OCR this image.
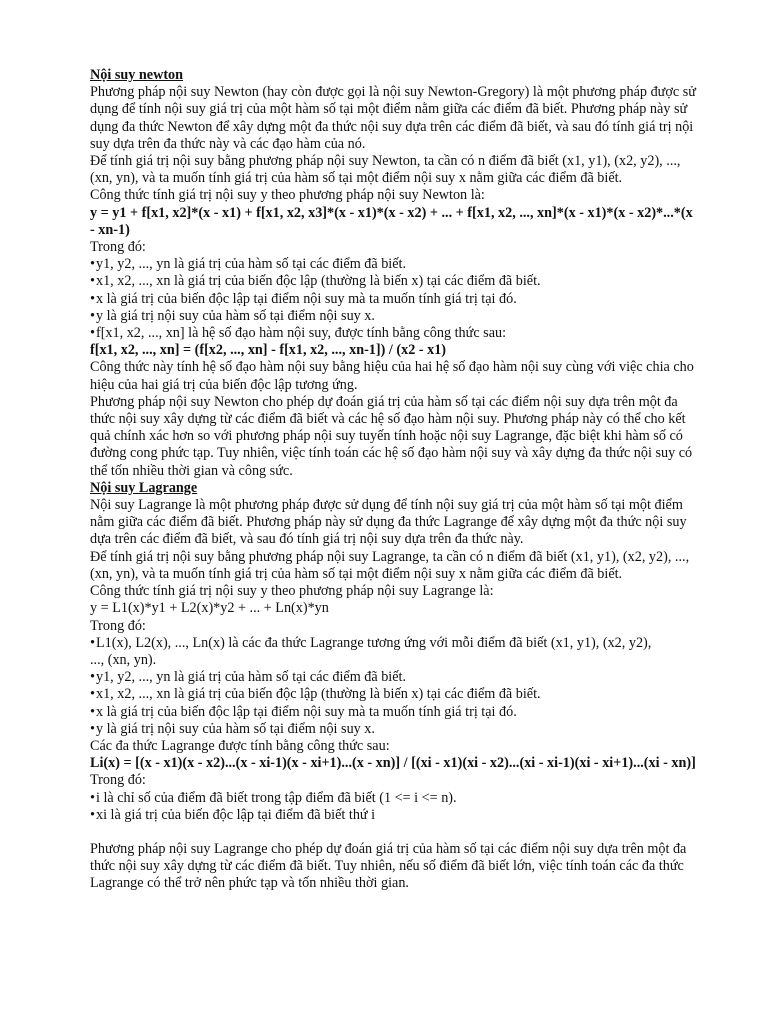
Nội suy newton

Phương pháp nội suy Newton (hay còn được gọi là nội suy Newton-Gregory) là một phương pháp được sử dụng để tính nội suy giá trị của một hàm số tại một điểm nằm giữa các điểm đã biết. Phương pháp này sử dụng đa thức Newton để xây dựng một đa thức nội suy dựa trên các điểm đã biết, và sau đó tính giá trị nội suy dựa trên đa thức này và các đạo hàm của nó.

Để tính giá trị nội suy bằng phương pháp nội suy Newton, ta cần có n điểm đã biết (x1, y1), (x2, y2), ..., (xn, yn), và ta muốn tính giá trị của hàm số tại một điểm nội suy x nằm giữa các điểm đã biết.

Công thức tính giá trị nội suy y theo phương pháp nội suy Newton là:

y = y1 + f[x1, x2]*(x - x1) + f[x1, x2, x3]*(x - x1)*(x - x2) + ... + f[x1, x2, ..., xn]*(x - x1)*(x - x2)*...*(x - xn-1)

Trong đó:

• y1, y2, ..., yn là giá trị của hàm số tại các điểm đã biết.

• x1, x2, ..., xn là giá trị của biến độc lập (thường là biến x) tại các điểm đã biết.

• x là giá trị của biến độc lập tại điểm nội suy mà ta muốn tính giá trị tại đó.

• y là giá trị nội suy của hàm số tại điểm nội suy x.

• f[x1, x2, ..., xn] là hệ số đạo hàm nội suy, được tính bằng công thức sau:

f[x1, x2, ..., xn] = (f[x2, ..., xn] - f[x1, x2, ..., xn-1]) / (x2 - x1)

Công thức này tính hệ số đạo hàm nội suy bằng hiệu của hai hệ số đạo hàm nội suy cùng với việc chia cho hiệu của hai giá trị của biến độc lập tương ứng.

Phương pháp nội suy Newton cho phép dự đoán giá trị của hàm số tại các điểm nội suy dựa trên một đa thức nội suy xây dựng từ các điểm đã biết và các hệ số đạo hàm nội suy. Phương pháp này có thể cho kết quả chính xác hơn so với phương pháp nội suy tuyến tính hoặc nội suy Lagrange, đặc biệt khi hàm số có đường cong phức tạp. Tuy nhiên, việc tính toán các hệ số đạo hàm nội suy và xây dựng đa thức nội suy có thể tốn nhiều thời gian và công sức.

Nội suy Lagrange

Nội suy Lagrange là một phương pháp được sử dụng để tính nội suy giá trị của một hàm số tại một điểm nằm giữa các điểm đã biết. Phương pháp này sử dụng đa thức Lagrange để xây dựng một đa thức nội suy dựa trên các điểm đã biết, và sau đó tính giá trị nội suy dựa trên đa thức này.

Để tính giá trị nội suy bằng phương pháp nội suy Lagrange, ta cần có n điểm đã biết (x1, y1), (x2, y2), ..., (xn, yn), và ta muốn tính giá trị của hàm số tại một điểm nội suy x nằm giữa các điểm đã biết.

Công thức tính giá trị nội suy y theo phương pháp nội suy Lagrange là:

y = L1(x)*y1 + L2(x)*y2 + ... + Ln(x)*yn

Trong đó:

• L1(x), L2(x), ..., Ln(x) là các đa thức Lagrange tương ứng với mỗi điểm đã biết (x1, y1), (x2, y2),

..., (xn, yn).

• y1, y2, ..., yn là giá trị của hàm số tại các điểm đã biết.

• x1, x2, ..., xn là giá trị của biến độc lập (thường là biến x) tại các điểm đã biết.

• x là giá trị của biến độc lập tại điểm nội suy mà ta muốn tính giá trị tại đó.

• y là giá trị nội suy của hàm số tại điểm nội suy x.

Các đa thức Lagrange được tính bằng công thức sau:

Li(x) = [(x - x1)(x - x2)...(x - xi-1)(x - xi+1)...(x - xn)] / [(xi - x1)(xi - x2)...(xi - xi-1)(xi - xi+1)...(xi - xn)]

Trong đó:

• i là chỉ số của điểm đã biết trong tập điểm đã biết (1 <= i <= n).

• xi là giá trị của biến độc lập tại điểm đã biết thứ i

Phương pháp nội suy Lagrange cho phép dự đoán giá trị của hàm số tại các điểm nội suy dựa trên một đa thức nội suy xây dựng từ các điểm đã biết. Tuy nhiên, nếu số điểm đã biết lớn, việc tính toán các đa thức Lagrange có thể trở nên phức tạp và tốn nhiều thời gian.
